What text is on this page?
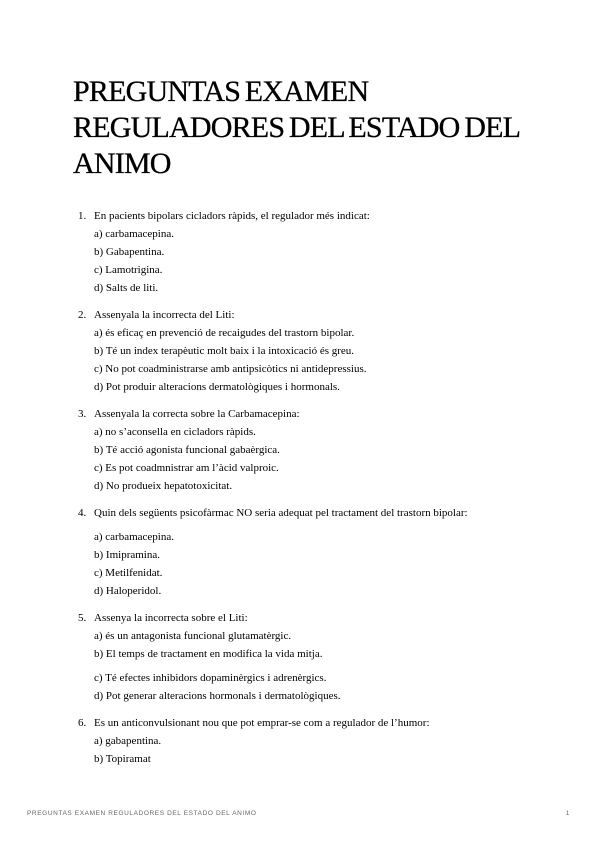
PREGUNTAS EXAMEN REGULADORES DEL ESTADO DEL ANIMO
1. En pacients bipolars cicladors ràpids, el regulador més indicat:
a) carbamacepina.
b) Gabapentina.
c) Lamotrigina.
d) Salts de liti.
2. Assenyala la incorrecta del Liti:
a) és eficaç en prevenció de recaigudes del trastorn bipolar.
b) Té un index terapèutic molt baix i la intoxicació és greu.
c) No pot coadministrarse amb antipsicòtics ni antidepressius.
d) Pot produir alteracions dermatològiques i hormonals.
3. Assenyala la correcta sobre la Carbamacepina:
a) no s’aconsella en cicladors ràpids.
b) Té acció agonista funcional gabaèrgica.
c) Es pot coadmnistrar am l’àcid valproic.
d) No produeix hepatotoxicitat.
4. Quin dels següents psicofàrmac NO seria adequat pel tractament del trastorn bipolar:
a) carbamacepina.
b) Imipramina.
c) Metilfenidat.
d) Haloperidol.
5. Assenya la incorrecta sobre el Liti:
a) és un antagonista funcional glutamatèrgic.
b) El temps de tractament en modifica la vida mitja.
c) Té efectes inhibidors dopaminèrgics i adrenèrgics.
d) Pot generar alteracions hormonals i dermatològiques.
6. Es un anticonvulsionant nou que pot emprar-se com a regulador de l’humor:
a) gabapentina.
b) Topiramat
PREGUNTAS EXAMEN REGULADORES DEL ESTADO DEL ANIMO	1
